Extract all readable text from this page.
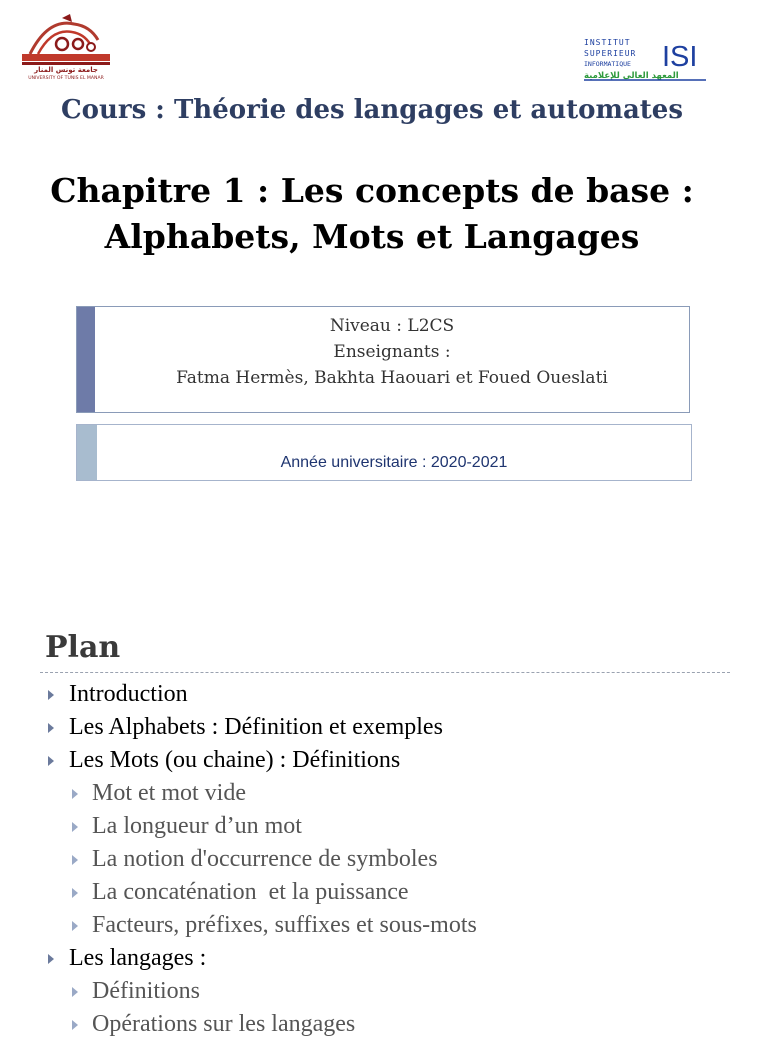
جامعة تونس المنار
UNIVERSITY OF TUNIS EL MANAR
INSTITUT
SUPERIEUR
INFORMATIQUE ISI
المعهد العالي للإعلامية
Cours : Théorie des langages et automates
Chapitre 1 : Les concepts de base : Alphabets, Mots et Langages
Niveau : L2CS
Enseignants :
Fatma Hermès, Bakhta Haouari et Foued Oueslati
Année universitaire : 2020-2021
Plan
Introduction
Les Alphabets : Définition et exemples
Les Mots (ou chaine) : Définitions
Mot et mot vide
La longueur d’un mot
La notion d'occurrence de symboles
La concaténation  et la puissance
Facteurs, préfixes, suffixes et sous-mots
Les langages :
Définitions
Opérations sur les langages
